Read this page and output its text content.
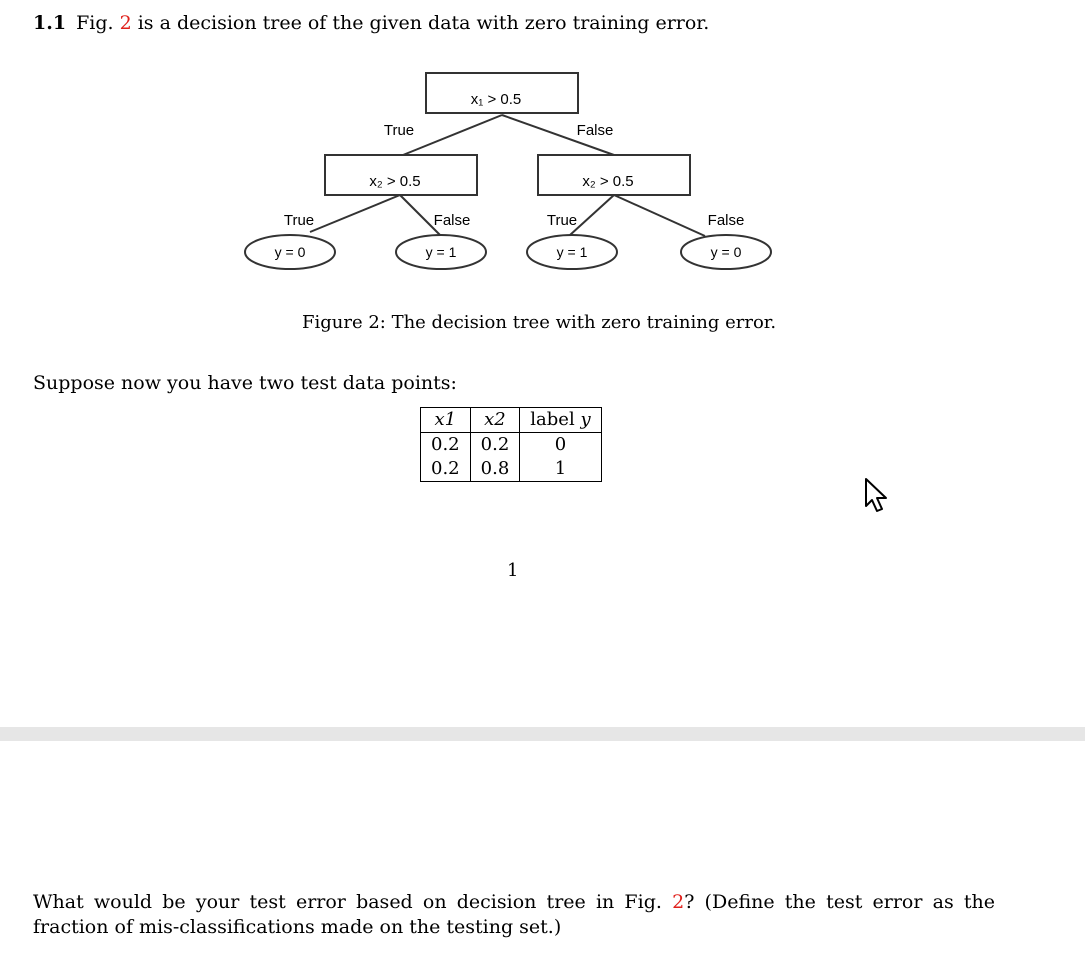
1.1 Fig. 2 is a decision tree of the given data with zero training error.
x₁ > 0.5
x₂ > 0.5	x₂ > 0.5
True	False
True	False	True	False
y = 0	y = 1	y = 1	y = 0
Figure 2: The decision tree with zero training error.
Suppose now you have two test data points:
x1	x2	label y
0.2	0.2	0
0.2	0.8	1
1
What would be your test error based on decision tree in Fig. 2? (Define the test error as the fraction of mis-classifications made on the testing set.)
